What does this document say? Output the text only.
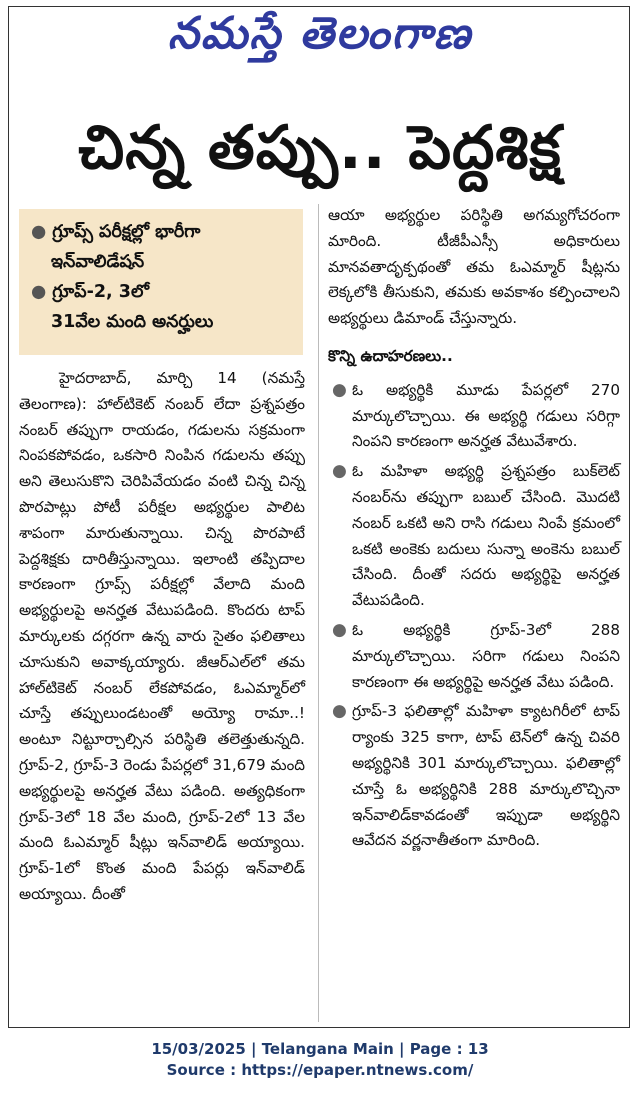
నమస్తే తెలంగాణ
చిన్న తప్పు.. పెద్దశిక్ష
● గ్రూప్స్ పరీక్షల్లో భారీగా
ఇన్‌వాలిడేషన్
● గ్రూప్-2, 3లో
31వేల మంది అనర్హులు

హైదరాబాద్, మార్చి 14 (నమస్తే తెలంగాణ): హాల్‌టికెట్ నంబర్ లేదా ప్రశ్నపత్రం నంబర్ తప్పుగా రాయడం, గడులను సక్రమంగా నింపకపోవడం, ఒకసారి నింపిన గడులను తప్పు అని తెలుసుకొని చెరిపివేయడం వంటి చిన్న చిన్న పొరపాట్లు పోటీ పరీక్షల అభ్యర్థుల పాలిట శాపంగా మారుతున్నాయి. చిన్న పొరపాటే పెద్దశిక్షకు దారితీస్తున్నాయి. ఇలాంటి తప్పిదాల కారణంగా గ్రూప్స్ పరీక్షల్లో వేలాది మంది అభ్యర్థులపై అనర్హత వేటుపడింది. కొందరు టాప్ మార్కులకు దగ్గరగా ఉన్న వారు సైతం ఫలితాలు చూసుకుని అవాక్కయ్యారు. జీఆర్‌ఎల్‌లో తమ హాల్‌టికెట్ నంబర్ లేకపోవడం, ఓఎమ్మార్‌లో చూస్తే తప్పులుండటంతో అయ్యో రామా..! అంటూ నిట్టూర్చాల్సిన పరిస్థితి తలెత్తుతున్నది. గ్రూప్-2, గ్రూప్-3 రెండు పేపర్లలో 31,679 మంది అభ్యర్థులపై అనర్హత వేటు పడింది. అత్యధికంగా గ్రూప్-3లో 18 వేల మంది, గ్రూప్-2లో 13 వేల మంది ఓఎమ్మార్ షీట్లు ఇన్‌వాలిడ్ అయ్యాయి. గ్రూప్-1లో కొంత మంది పేపర్లు ఇన్‌వాలిడ్ అయ్యాయి. దీంతో

ఆయా అభ్యర్థుల పరిస్థితి అగమ్యగోచరంగా మారింది. టీజీపీఎస్సీ అధికారులు మానవతాదృక్పథంతో తమ ఓఎమ్మార్ షీట్లను లెక్కలోకి తీసుకుని, తమకు అవకాశం కల్పించాలని అభ్యర్థులు డిమాండ్ చేస్తున్నారు.

కొన్ని ఉదాహరణలు..

● ఓ అభ్యర్థికి మూడు పేపర్లలో 270 మార్కులొచ్చాయి. ఈ అభ్యర్థి గడులు సరిగ్గా నింపని కారణంగా అనర్హత వేటువేశారు.
● ఓ మహిళా అభ్యర్థి ప్రశ్నపత్రం బుక్‌లెట్ నంబర్‌ను తప్పుగా బబుల్ చేసింది. మొదటి నంబర్ ఒకటి అని రాసి గడులు నింపే క్రమంలో ఒకటి అంకెకు బదులు సున్నా అంకెను బబుల్ చేసింది. దీంతో సదరు అభ్యర్థిపై అనర్హత వేటుపడింది.
● ఓ అభ్యర్థికి గ్రూప్-3లో 288 మార్కులొచ్చాయి. సరిగా గడులు నింపని కారణంగా ఈ అభ్యర్థిపై అనర్హత వేటు పడింది.
● గ్రూప్-3 ఫలితాల్లో మహిళా క్యాటగిరీలో టాప్ ర్యాంకు 325 కాగా, టాప్ టెన్‌లో ఉన్న చివరి అభ్యర్థినికి 301 మార్కులొచ్చాయి. ఫలితాల్లో చూస్తే ఓ అభ్యర్థినికి 288 మార్కులొచ్చినా ఇన్‌వాలిడ్‌కావడంతో ఇప్పుడా అభ్యర్థిని ఆవేదన వర్ణనాతీతంగా మారింది.
15/03/2025 | Telangana Main | Page : 13
Source : https://epaper.ntnews.com/
